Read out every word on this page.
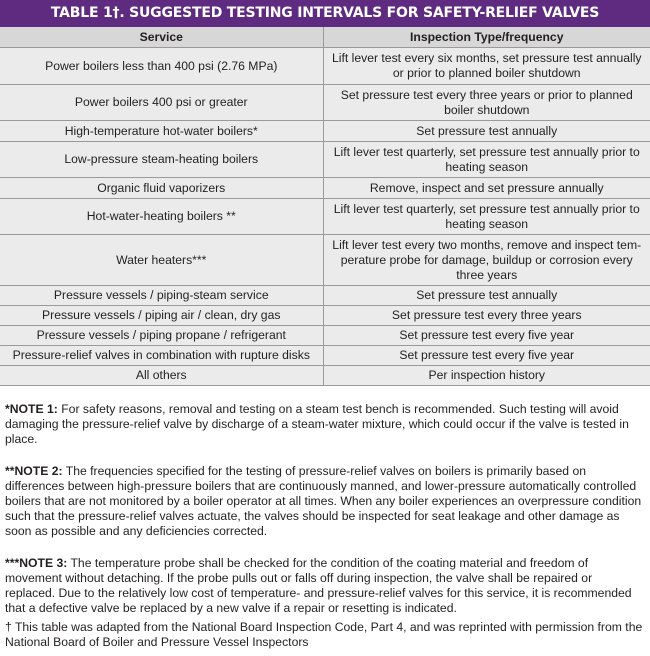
TABLE 1†. SUGGESTED TESTING INTERVALS FOR SAFETY-RELIEF VALVES
Service	Inspection Type/frequency
Power boilers less than 400 psi (2.76 MPa)	Lift lever test every six months, set pressure test annually or prior to planned boiler shutdown
Power boilers 400 psi or greater	Set pressure test every three years or prior to planned boiler shutdown
High-temperature hot-water boilers*	Set pressure test annually
Low-pressure steam-heating boilers	Lift lever test quarterly, set pressure test annually prior to heating season
Organic fluid vaporizers	Remove, inspect and set pressure annually
Hot-water-heating boilers **	Lift lever test quarterly, set pressure test annually prior to heating season
Water heaters***	Lift lever test every two months, remove and inspect tem-perature probe for damage, buildup or corrosion every three years
Pressure vessels / piping-steam service	Set pressure test annually
Pressure vessels / piping air / clean, dry gas	Set pressure test every three years
Pressure vessels / piping propane / refrigerant	Set pressure test every five year
Pressure-relief valves in combination with rupture disks	Set pressure test every five year
All others	Per inspection history

*NOTE 1: For safety reasons, removal and testing on a steam test bench is recommended. Such testing will avoid damaging the pressure-relief valve by discharge of a steam-water mixture, which could occur if the valve is tested in place.

**NOTE 2: The frequencies specified for the testing of pressure-relief valves on boilers is primarily based on differences between high-pressure boilers that are continuously manned, and lower-pressure automatically controlled boilers that are not monitored by a boiler operator at all times. When any boiler experiences an overpressure condition such that the pressure-relief valves actuate, the valves should be inspected for seat leakage and other damage as soon as possible and any deficiencies corrected.

***NOTE 3: The temperature probe shall be checked for the condition of the coating material and freedom of movement without detaching. If the probe pulls out or falls off during inspection, the valve shall be repaired or replaced. Due to the relatively low cost of temperature- and pressure-relief valves for this service, it is recommended that a defective valve be replaced by a new valve if a repair or resetting is indicated.

† This table was adapted from the National Board Inspection Code, Part 4, and was reprinted with permission from the National Board of Boiler and Pressure Vessel Inspectors
